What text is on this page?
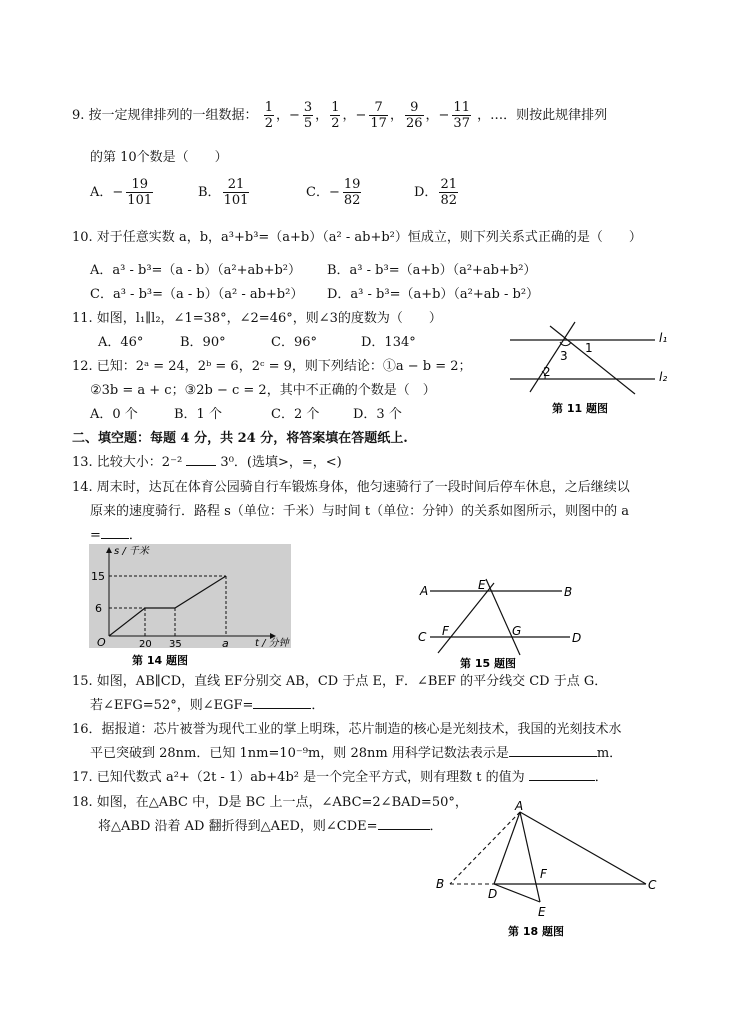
9. 按一定规律排列的一组数据： $\frac{1}{2}$ ，− $\frac{3}{5}$ ， $\frac{1}{2}$ ，− $\frac{7}{17}$ ， $\frac{9}{26}$ ，− $\frac{11}{37}$ ，…．则按此规律排列
的第 10个数是（　　）
A．− $\frac{19}{101}$	B． $\frac{21}{101}$	C．− $\frac{19}{82}$	D． $\frac{21}{82}$
10. 对于任意实数 a，b，a³+b³=（a+b）（a² - ab+b²）恒成立，则下列关系式正确的是（　　）
A．a³ - b³=（a - b）（a²+ab+b²） B．a³ - b³=（a+b）（a²+ab+b²）
C．a³ - b³=（a - b）（a² - ab+b²） D．a³ - b³=（a+b）（a²+ab - b²）
11. 如图，l₁∥l₂，∠1=38°，∠2=46°，则∠3的度数为（　　）
A．46°	B．90°	C．96°	D．134°	l₁
l₂
1
2
3
第 11 题图
12. 已知：2ᵃ = 24，2ᵇ = 6，2ᶜ = 9，则下列结论：①a − b = 2；
②3b = a + c；③2b − c = 2，其中不正确的个数是（　）
A．0 个	B．1 个	C．2 个	D．3 个
二、填空题：每题 4 分，共 24 分，将答案填在答题纸上.
13. 比较大小：2⁻²  3⁰．(选填>，=，<)
14. 周末时，达瓦在体育公园骑自行车锻炼身体，他匀速骑行了一段时间后停车休息，之后继续以
原来的速度骑行．路程 s（单位：千米）与时间 t（单位：分钟）的关系如图所示，则图中的 a
= ．
s / 千米
t / 分钟
O
15
6
20 35	a
第 14 题图
A	B
C	D
E
F	G
第 15 题图
15. 如图，AB∥CD，直线 EF分别交 AB，CD 于点 E，F．∠BEF 的平分线交 CD 于点 G．
若∠EFG=52°，则∠EGF=	．
16．据报道：芯片被誉为现代工业的掌上明珠，芯片制造的核心是光刻技术，我国的光刻技术水
平已突破到 28nm．已知 1nm=10⁻⁹m，则 28nm 用科学记数法表示是	m．
17. 已知代数式 a²+（2t - 1）ab+4b² 是一个完全平方式，则有理数 t 的值为	．
18. 如图，在△ABC 中，D是 BC 上一点，∠ABC=2∠BAD=50°，
将△ABD 沿着 AD 翻折得到△AED，则∠CDE=	．
A
B	C
D
E
F
第 18 题图
